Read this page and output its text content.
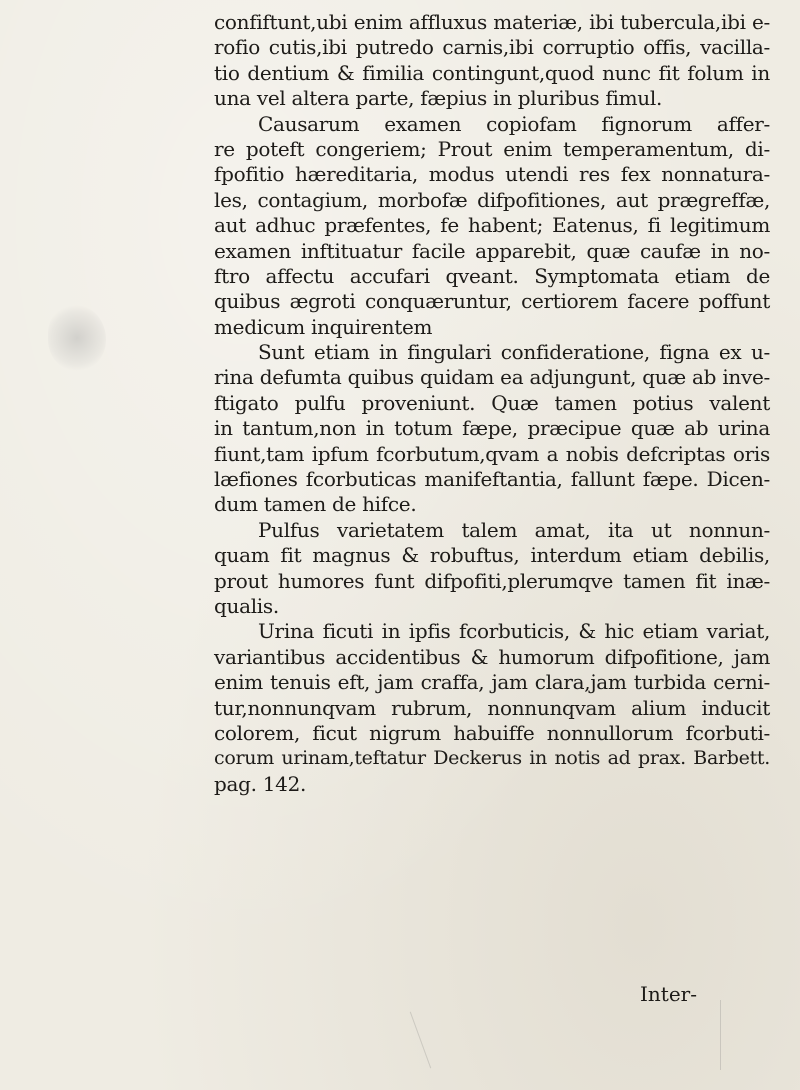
confiftunt,ubi enim affluxus materiæ, ibi tubercula,ibi e-
rofio cutis,ibi putredo carnis,ibi corruptio offis, vacilla-
tio dentium & fimilia contingunt,quod nunc fit folum in
una vel altera parte, fæpius in pluribus fimul.
Causarum examen copiofam fignorum affer-
re poteft congeriem; Prout enim temperamentum, di-
fpofitio hæreditaria, modus utendi res fex nonnatura-
les, contagium, morbofæ difpofitiones, aut prægreffæ,
aut adhuc præfentes, fe habent; Eatenus, fi legitimum
examen inftituatur facile apparebit, quæ caufæ in no-
ftro affectu accufari qveant. Symptomata etiam de
quibus ægroti conquæruntur, certiorem facere poffunt
medicum inquirentem
Sunt etiam in fingulari confideratione, figna ex u-
rina defumta quibus quidam ea adjungunt, quæ ab inve-
ftigato pulfu proveniunt. Quæ tamen potius valent
in tantum,non in totum fæpe, præcipue quæ ab urina
fiunt,tam ipfum fcorbutum,qvam a nobis defcriptas oris
læfiones fcorbuticas manifeftantia, fallunt fæpe. Dicen-
dum tamen de hifce.
Pulfus varietatem talem amat, ita ut nonnun-
quam fit magnus & robuftus, interdum etiam debilis,
prout humores funt difpofiti,plerumqve tamen fit inæ-
qualis.
Urina ficuti in ipfis fcorbuticis, & hic etiam variat,
variantibus accidentibus & humorum difpofitione, jam
enim tenuis eft, jam craffa, jam clara,jam turbida cerni-
tur,nonnunqvam rubrum, nonnunqvam alium inducit
colorem, ficut nigrum habuiffe nonnullorum fcorbuti-
corum urinam,teftatur Deckerus in notis ad prax. Barbett.
pag. 142.
Inter-
